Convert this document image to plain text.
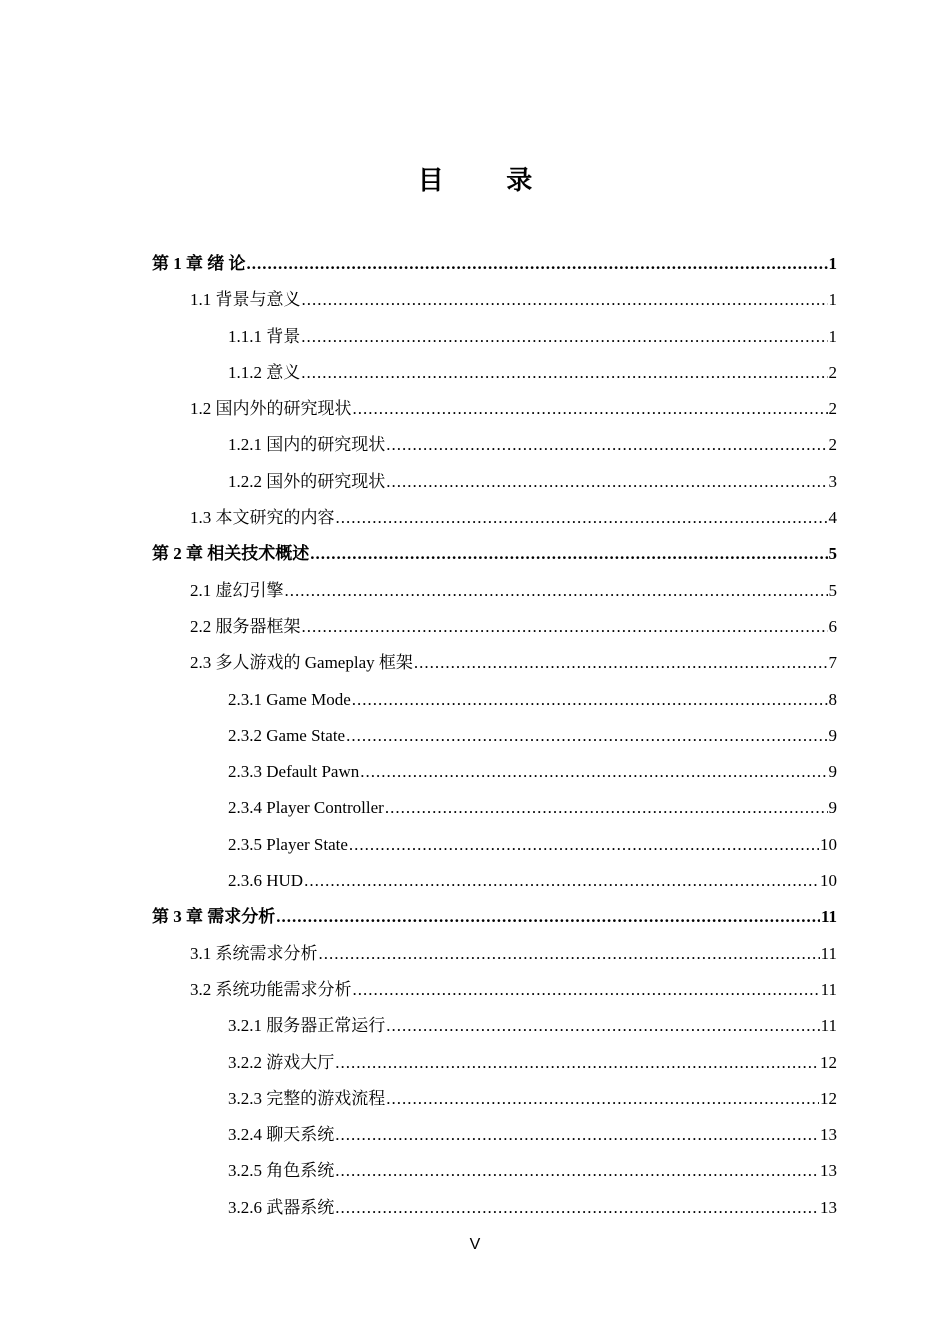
目 录
第 1 章 绪 论 .....	1
1.1 背景与意义 .....	1
1.1.1 背景 .....	1
1.1.2 意义 .....	2
1.2 国内外的研究现状 .....	2
1.2.1 国内的研究现状 .....	2
1.2.2 国外的研究现状 .....	3
1.3 本文研究的内容 .....	4
第 2 章 相关技术概述 .....	5
2.1 虚幻引擎 .....	5
2.2 服务器框架 .....	6
2.3 多人游戏的 Gameplay 框架 .....	7
2.3.1 Game Mode .....	8
2.3.2 Game State .....	9
2.3.3 Default Pawn .....	9
2.3.4 Player Controller .....	9
2.3.5 Player State .....	10
2.3.6 HUD .....	10
第 3 章 需求分析 .....	11
3.1 系统需求分析 .....	11
3.2 系统功能需求分析 .....	11
3.2.1 服务器正常运行 .....	11
3.2.2 游戏大厅 .....	12
3.2.3 完整的游戏流程 .....	12
3.2.4 聊天系统 .....	13
3.2.5 角色系统 .....	13
3.2.6 武器系统 .....	13
V
